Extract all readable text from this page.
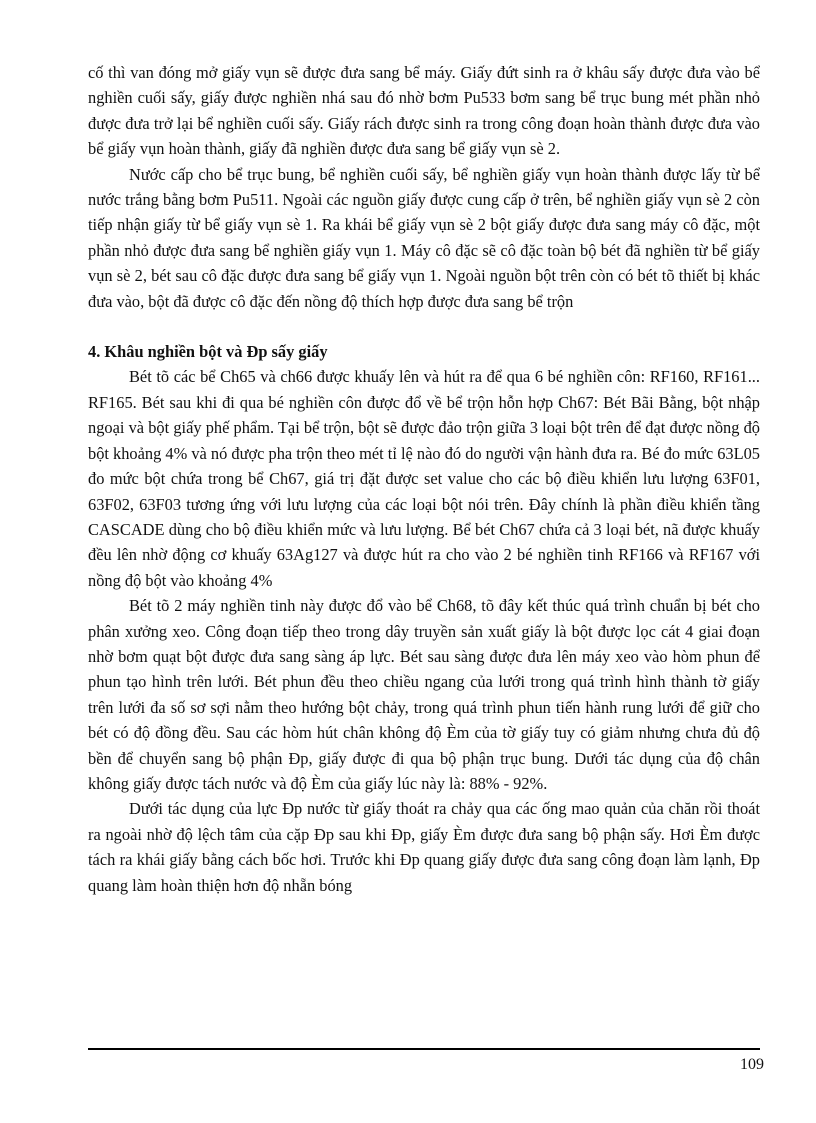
cố thì van đóng mở giấy vụn sẽ được đưa sang bể máy. Giấy đứt sinh ra ở khâu sấy được đưa vào bể nghiền cuối sấy, giấy được nghiền nhá sau đó nhờ bơm Pu533 bơm sang bể trục bung mét phần nhỏ được đưa trở lại bể nghiền cuối sấy. Giấy rách được sinh ra trong công đoạn hoàn thành được đưa vào bể giấy vụn hoàn thành, giấy đã nghiền được đưa sang bể giấy vụn sè 2.

Nước cấp cho bể trục bung, bể nghiền cuối sấy, bể nghiền giấy vụn hoàn thành được lấy từ bể nước trắng bằng bơm Pu511. Ngoài các nguồn giấy được cung cấp ở trên, bể nghiền giấy vụn sè 2 còn tiếp nhận giấy từ bể giấy vụn sè 1. Ra khái bể giấy vụn sè 2 bột giấy được đưa sang máy cô đặc, một phần nhỏ được đưa sang bể nghiền giấy vụn 1. Máy cô đặc sẽ cô đặc toàn bộ bét đã nghiền từ bể giấy vụn sè 2, bét sau cô đặc được đưa sang bể giấy vụn 1. Ngoài nguồn bột trên còn có bét tõ thiết bị khác đưa vào, bột đã được cô đặc đến nồng độ thích hợp được đưa sang bể trộn

4. Khâu nghiền bột và Đp sấy giấy

Bét tõ các bể Ch65 và ch66 được khuấy lên và hút ra để qua 6 bé nghiền côn: RF160, RF161... RF165. Bét sau khi đi qua bé nghiền côn được đổ về bể trộn hỗn hợp Ch67: Bét Bãi Bằng, bột nhập ngoại và bột giấy phế phẩm. Tại bể trộn, bột sẽ được đảo trộn giữa 3 loại bột trên để đạt được nồng độ bột khoảng 4% và nó được pha trộn theo mét tỉ lệ nào đó do người vận hành đưa ra. Bé đo mức 63L05 đo mức bột chứa trong bể Ch67, giá trị đặt được set value cho các bộ điều khiển lưu lượng 63F01, 63F02, 63F03 tương ứng với lưu lượng của các loại bột nói trên. Đây chính là phần điều khiển tầng CASCADE dùng cho bộ điều khiển mức và lưu lượng. Bể bét Ch67 chứa cả 3 loại bét, nã được khuấy đều lên nhờ động cơ khuấy 63Ag127 và được hút ra cho vào 2 bé nghiền tinh RF166 và RF167 với nồng độ bột vào khoảng 4%

Bét tõ 2 máy nghiền tinh này được đổ vào bể Ch68, tõ đây kết thúc quá trình chuẩn bị bét cho phân xưởng xeo. Công đoạn tiếp theo trong dây truyền sản xuất giấy là bột được lọc cát 4 giai đoạn nhờ bơm quạt bột được đưa sang sàng áp lực. Bét sau sàng được đưa lên máy xeo vào hòm phun để phun tạo hình trên lưới. Bét phun đều theo chiều ngang của lưới trong quá trình hình thành tờ giấy trên lưới đa số sơ sợi nằm theo hướng bột chảy, trong quá trình phun tiến hành rung lưới để giữ cho bét có độ đồng đều. Sau các hòm hút chân không độ Èm của tờ giấy tuy có giảm nhưng chưa đủ độ bền để chuyển sang bộ phận Đp, giấy được đi qua bộ phận trục bung. Dưới tác dụng của độ chân không giấy được tách nước và độ Èm của giấy lúc này là: 88% - 92%.

Dưới tác dụng của lực Đp nước từ giấy thoát ra chảy qua các ống mao quản của chăn rồi thoát ra ngoài nhờ độ lệch tâm của cặp Đp sau khi Đp, giấy Èm được đưa sang bộ phận sấy. Hơi Èm được tách ra khái giấy bằng cách bốc hơi. Trước khi Đp quang giấy được đưa sang công đoạn làm lạnh, Đp quang làm hoàn thiện hơn độ nhẵn bóng

109
